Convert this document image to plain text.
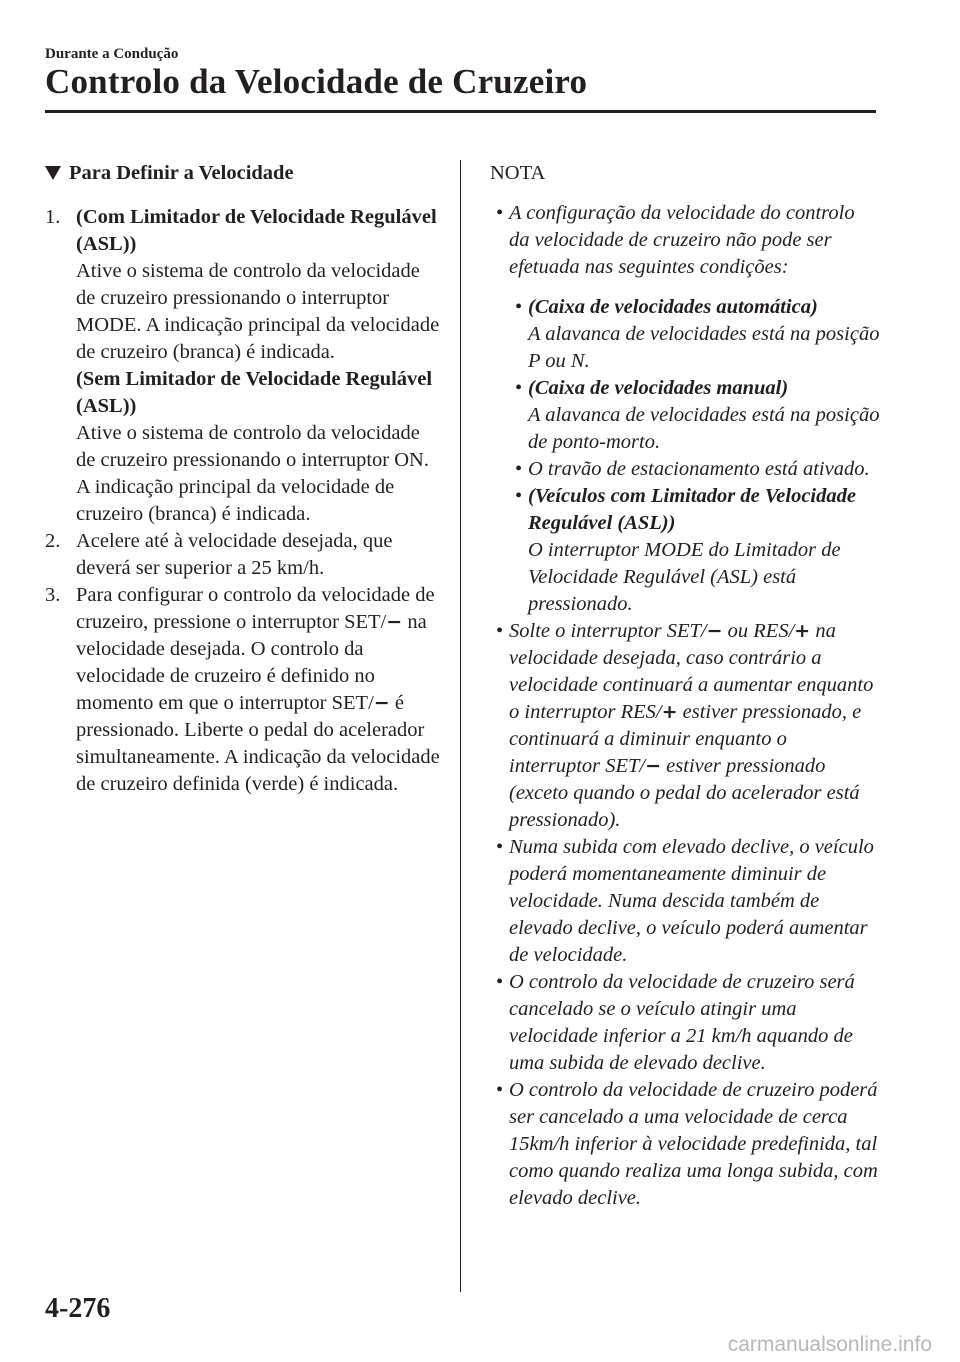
Durante a Condução
Controlo da Velocidade de Cruzeiro
Para Definir a Velocidade
1. (Com Limitador de Velocidade Regulável (ASL))
Ative o sistema de controlo da velocidade de cruzeiro pressionando o interruptor MODE. A indicação principal da velocidade de cruzeiro (branca) é indicada.
(Sem Limitador de Velocidade Regulável (ASL))
Ative o sistema de controlo da velocidade de cruzeiro pressionando o interruptor ON. A indicação principal da velocidade de cruzeiro (branca) é indicada.
2. Acelere até à velocidade desejada, que deverá ser superior a 25 km/h.
3. Para configurar o controlo da velocidade de cruzeiro, pressione o interruptor SET/− na velocidade desejada. O controlo da velocidade de cruzeiro é definido no momento em que o interruptor SET/− é pressionado. Liberte o pedal do acelerador simultaneamente. A indicação da velocidade de cruzeiro definida (verde) é indicada.
NOTA
• A configuração da velocidade do controlo da velocidade de cruzeiro não pode ser efetuada nas seguintes condições:
• (Caixa de velocidades automática)
A alavanca de velocidades está na posição P ou N.
• (Caixa de velocidades manual)
A alavanca de velocidades está na posição de ponto-morto.
• O travão de estacionamento está ativado.
• (Veículos com Limitador de Velocidade Regulável (ASL))
O interruptor MODE do Limitador de Velocidade Regulável (ASL) está pressionado.
• Solte o interruptor SET/− ou RES/+ na velocidade desejada, caso contrário a velocidade continuará a aumentar enquanto o interruptor RES/+ estiver pressionado, e continuará a diminuir enquanto o interruptor SET/− estiver pressionado (exceto quando o pedal do acelerador está pressionado).
• Numa subida com elevado declive, o veículo poderá momentaneamente diminuir de velocidade. Numa descida também de elevado declive, o veículo poderá aumentar de velocidade.
• O controlo da velocidade de cruzeiro será cancelado se o veículo atingir uma velocidade inferior a 21 km/h aquando de uma subida de elevado declive.
• O controlo da velocidade de cruzeiro poderá ser cancelado a uma velocidade de cerca 15km/h inferior à velocidade predefinida, tal como quando realiza uma longa subida, com elevado declive.
4-276
carmanualsonline.info
